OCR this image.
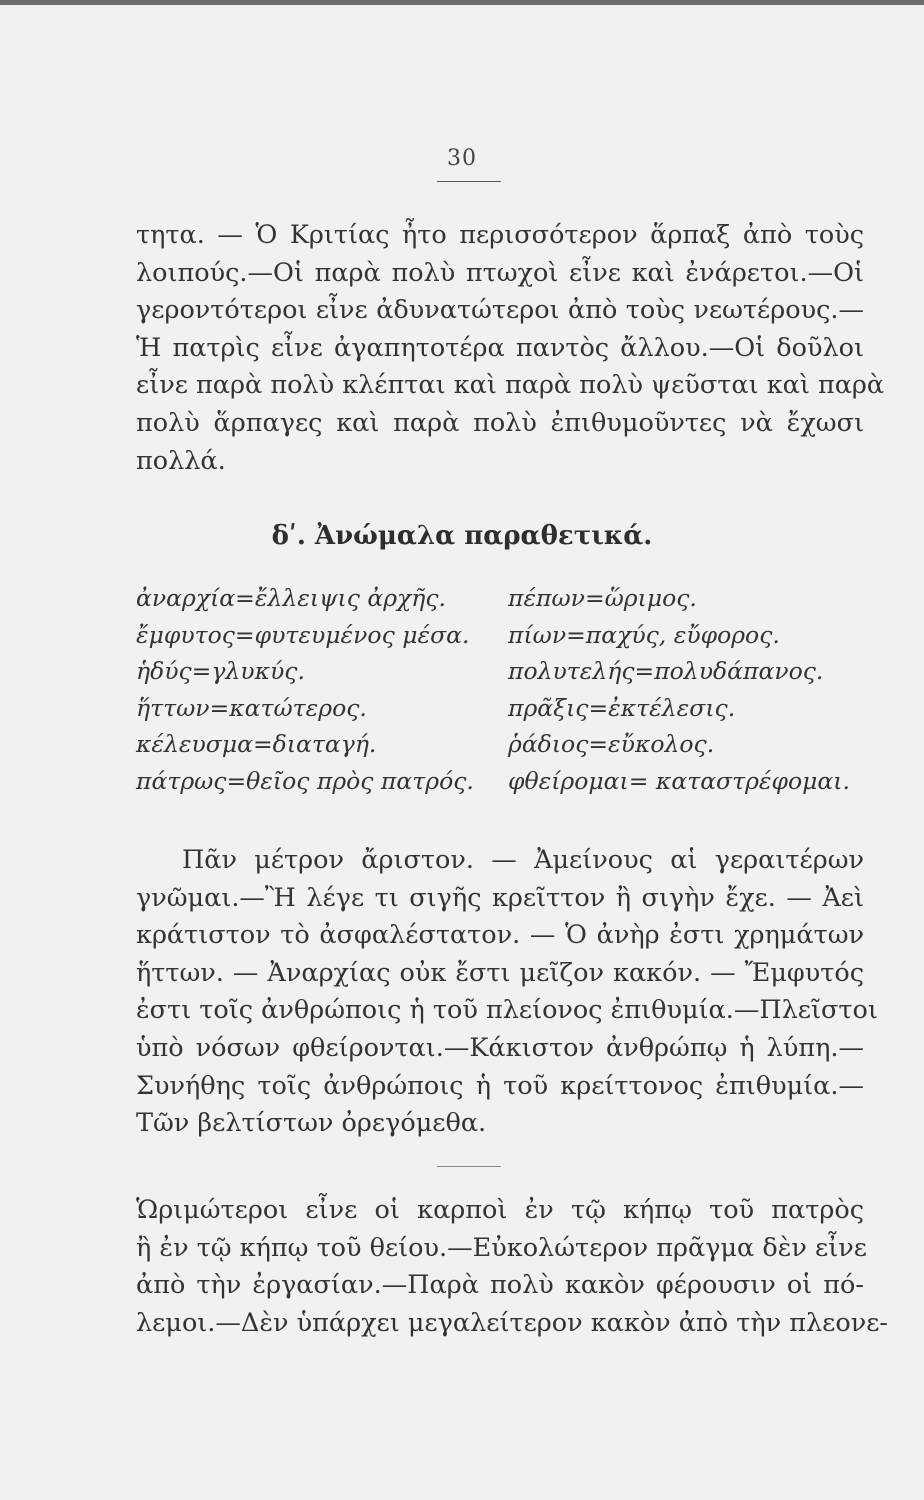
30
τητα. — Ὁ Κριτίας ἦτο περισσότερον ἅρπαξ ἀπὸ τοὺς
λοιπούς.—Οἱ παρὰ πολὺ πτωχοὶ εἶνε καὶ ἐνάρετοι.—Οἱ
γεροντότεροι εἶνε ἀδυνατώτεροι ἀπὸ τοὺς νεωτέρους.—
Ἡ πατρὶς εἶνε ἀγαπητοτέρα παντὸς ἄλλου.—Οἱ δοῦλοι
εἶνε παρὰ πολὺ κλέπται καὶ παρὰ πολὺ ψεῦσται καὶ παρὰ
πολὺ ἅρπαγες καὶ παρὰ πολὺ ἐπιθυμοῦντες νὰ ἔχωσι
πολλά.
δʹ. Ἀνώμαλα παραθετικά.
ἀναρχία=ἔλλειψις ἀρχῆς.
ἔμφυτος=φυτευμένος μέσα.
ἡδύς=γλυκύς.
ἥττων=κατώτερος.
κέλευσμα=διαταγή.
πάτρως=θεῖος πρὸς πατρός.
πέπων=ὥριμος.
πίων=παχύς, εὔφορος.
πολυτελής=πολυδάπανος.
πρᾶξις=ἐκτέλεσις.
ῥάδιος=εὔκολος.
φθείρομαι= καταστρέφομαι.
Πᾶν μέτρον ἄριστον. — Ἀμείνους αἱ γεραιτέρων
γνῶμαι.—Ἢ λέγε τι σιγῆς κρεῖττον ἢ σιγὴν ἔχε. — Ἀεὶ
κράτιστον τὸ ἀσφαλέστατον. — Ὁ ἀνὴρ ἐστι χρημάτων
ἥττων. — Ἀναρχίας οὐκ ἔστι μεῖζον κακόν. — Ἔμφυτός
ἐστι τοῖς ἀνθρώποις ἡ τοῦ πλείονος ἐπιθυμία.—Πλεῖστοι
ὑπὸ νόσων φθείρονται.—Κάκιστον ἀνθρώπῳ ἡ λύπη.—
Συνήθης τοῖς ἀνθρώποις ἡ τοῦ κρείττονος ἐπιθυμία.—
Τῶν βελτίστων ὀρεγόμεθα.
Ὡριμώτεροι εἶνε οἱ καρποὶ ἐν τῷ κήπῳ τοῦ πατρὸς
ἢ ἐν τῷ κήπῳ τοῦ θείου.—Εὐκολώτερον πρᾶγμα δὲν εἶνε
ἀπὸ τὴν ἐργασίαν.—Παρὰ πολὺ κακὸν φέρουσιν οἱ πό-
λεμοι.—Δὲν ὑπάρχει μεγαλείτερον κακὸν ἀπὸ τὴν πλεονε-
